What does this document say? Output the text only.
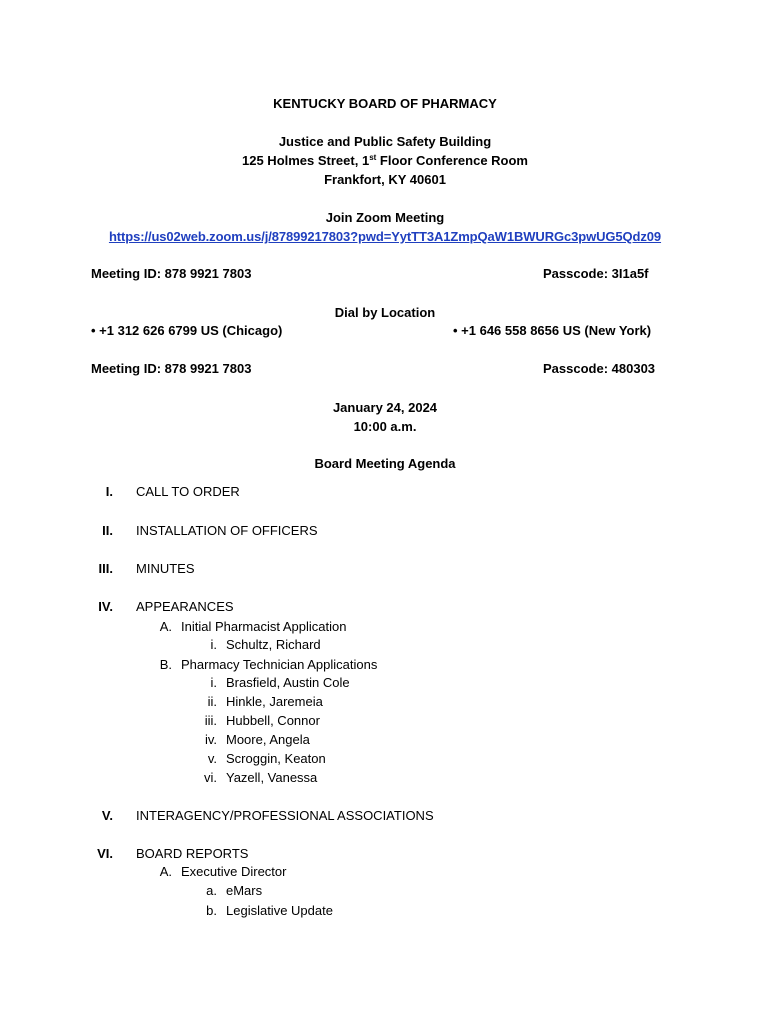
KENTUCKY BOARD OF PHARMACY
Justice and Public Safety Building
125 Holmes Street, 1st Floor Conference Room
Frankfort, KY 40601
Join Zoom Meeting
https://us02web.zoom.us/j/87899217803?pwd=YytTT3A1ZmpQaW1BWURGc3pwUG5Qdz09
Meeting ID: 878 9921 7803	Passcode: 3I1a5f
Dial by Location
• +1 312 626 6799 US (Chicago)	• +1 646 558 8656 US (New York)
Meeting ID: 878 9921 7803	Passcode: 480303
January 24, 2024
10:00 a.m.
Board Meeting Agenda
I. CALL TO ORDER
II. INSTALLATION OF OFFICERS
III. MINUTES
IV. APPEARANCES
A. Initial Pharmacist Application
i. Schultz, Richard
B. Pharmacy Technician Applications
i. Brasfield, Austin Cole
ii. Hinkle, Jaremeia
iii. Hubbell, Connor
iv. Moore, Angela
v. Scroggin, Keaton
vi. Yazell, Vanessa
V. INTERAGENCY/PROFESSIONAL ASSOCIATIONS
VI. BOARD REPORTS
A. Executive Director
a. eMars
b. Legislative Update
